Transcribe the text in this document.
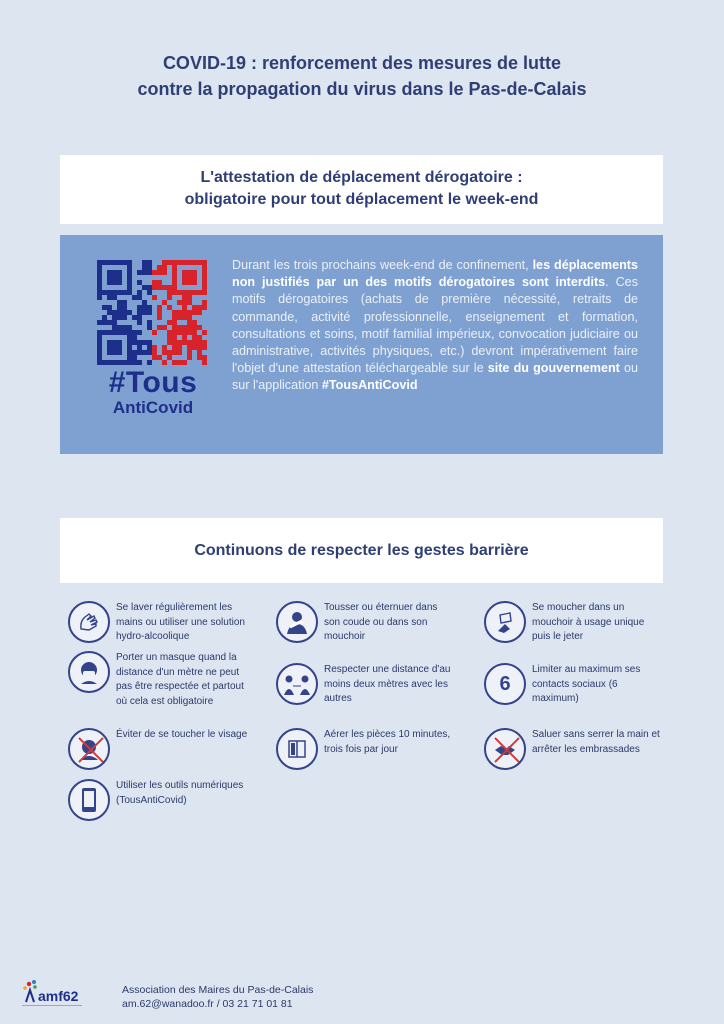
COVID-19 : renforcement des mesures de lutte
contre la propagation du virus dans le Pas-de-Calais
L'attestation de déplacement dérogatoire :
obligatoire pour tout déplacement le week-end
#Tous
AntiCovid
Durant les trois prochains week-end de confinement, les déplacements non justifiés par un des motifs dérogatoires sont interdits. Ces motifs dérogatoires (achats de première nécessité, retraits de commande, activité professionnelle, enseignement et formation, consultations et soins, motif familial impérieux, convocation judiciaire ou administrative, activités physiques, etc.) devront impérativement faire l'objet d'une attestation téléchargeable sur le site du gouvernement ou sur l'application #TousAntiCovid
Continuons de respecter les gestes barrière
Se laver régulièrement les mains ou utiliser une solution hydro-alcoolique
Tousser ou éternuer dans son coude ou dans son mouchoir
Se moucher dans un mouchoir à usage unique puis le jeter
Porter un masque quand la distance d'un mètre ne peut pas être respectée et partout où cela est obligatoire
Respecter une distance d'au moins deux mètres avec les autres
6
Limiter au maximum ses contacts sociaux (6 maximum)
Éviter de se toucher le visage	Aérer les pièces 10 minutes, trois fois par jour
Saluer sans serrer la main et arrêter les embrassades
Utiliser les outils numériques (TousAntiCovid)
amf62	Association des Maires du Pas-de-Calais
am.62@wanadoo.fr / 03 21 71 01 81
